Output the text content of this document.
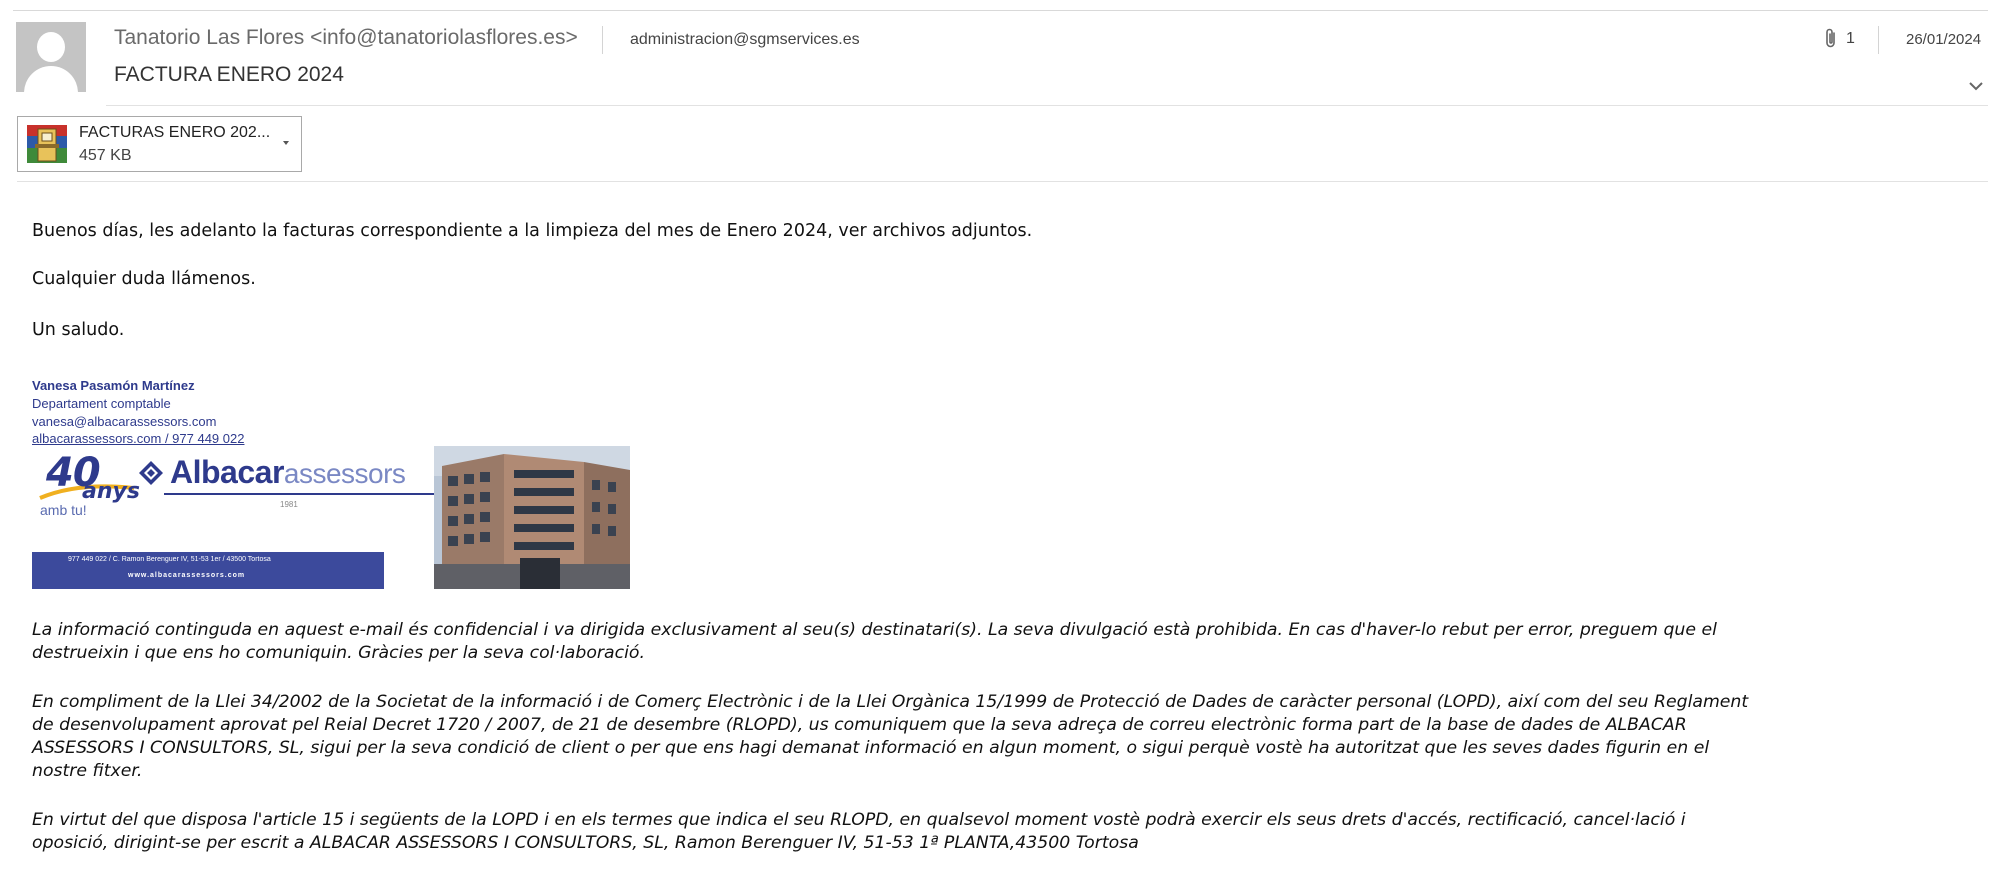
Tanatorio Las Flores <info@tanatoriolasflores.es>	administracion@sgmservices.es
FACTURA ENERO 2024
1	26/01/2024
FACTURAS ENERO 202...
457 KB
Buenos días, les adelanto la facturas correspondiente a la limpieza del mes de Enero 2024, ver archivos adjuntos.
Cualquier duda llámenos.
Un saludo.
Vanesa Pasamón Martínez
Departament comptable
vanesa@albacarassessors.com
albacarassessors.com / 977 449 022
40
anys
amb tu!
Albacarassessors
1981
977 449 022 / C. Ramon Berenguer IV, 51-53 1er / 43500 Tortosa
www.albacarassessors.com
La informació continguda en aquest e-mail és confidencial i va dirigida exclusivament al seu(s) destinatari(s). La seva divulgació està prohibida. En cas d'haver-lo rebut per error, preguem que el
destrueixin i que ens ho comuniquin. Gràcies per la seva col·laboració.
En compliment de la Llei 34/2002 de la Societat de la informació i de Comerç Electrònic i de la Llei Orgànica 15/1999 de Protecció de Dades de caràcter personal (LOPD), així com del seu Reglament
de desenvolupament aprovat pel Reial Decret 1720 / 2007, de 21 de desembre (RLOPD), us comuniquem que la seva adreça de correu electrònic forma part de la base de dades de ALBACAR
ASSESSORS I CONSULTORS, SL, sigui per la seva condició de client o per que ens hagi demanat informació en algun moment, o sigui perquè vostè ha autoritzat que les seves dades figurin en el
nostre fitxer.
En virtut del que disposa l'article 15 i següents de la LOPD i en els termes que indica el seu RLOPD, en qualsevol moment vostè podrà exercir els seus drets d'accés, rectificació, cancel·lació i
oposició, dirigint-se per escrit a ALBACAR ASSESSORS I CONSULTORS, SL, Ramon Berenguer IV, 51-53 1ª PLANTA,43500 Tortosa
